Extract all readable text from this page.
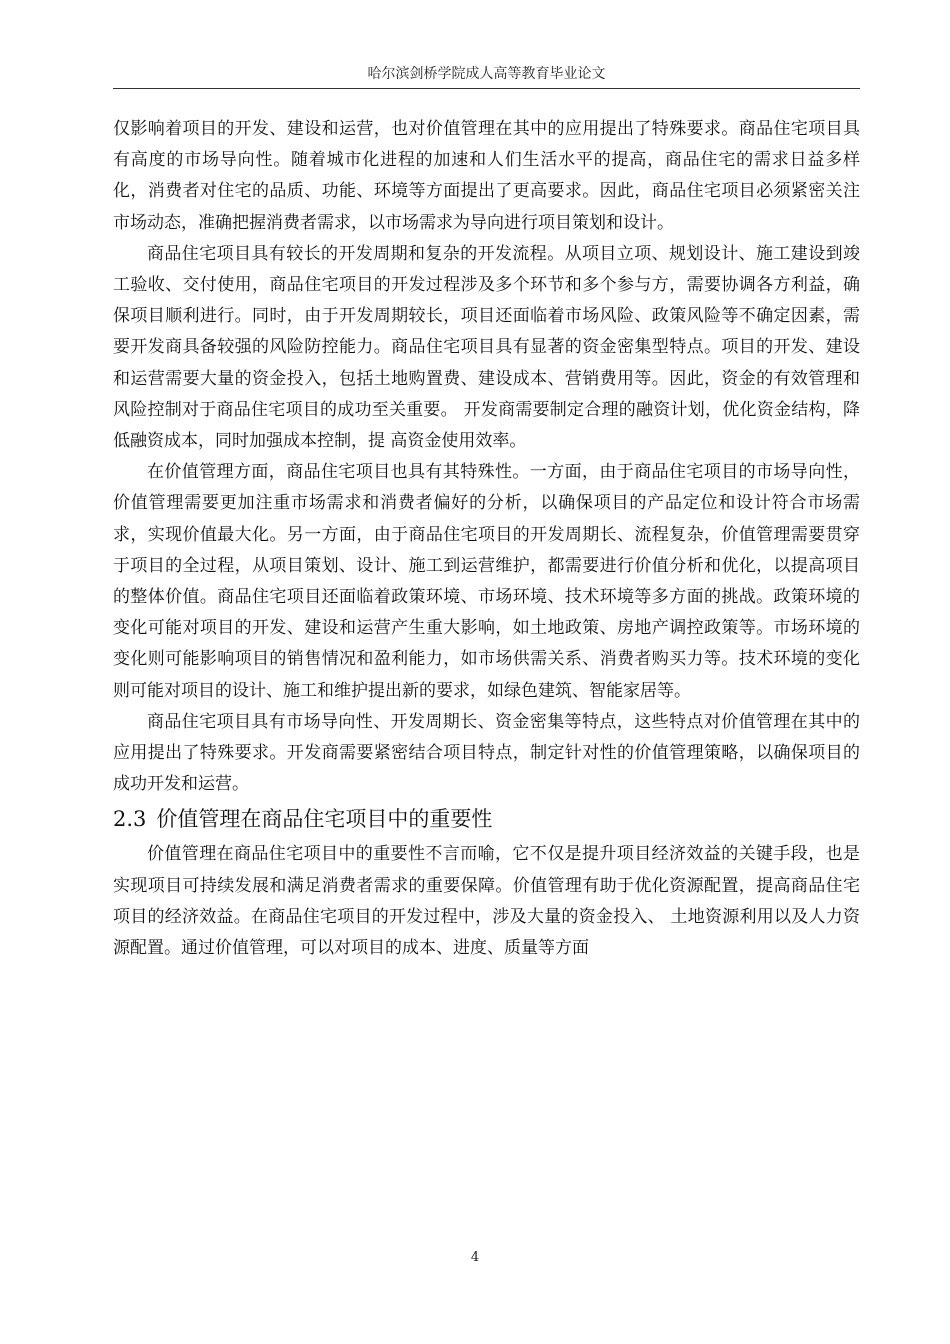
哈尔滨剑桥学院成人高等教育毕业论文

仅影响着项目的开发、建设和运营，也对价值管理在其中的应用提出了特殊要求。商品住宅项目具有高度的市场导向性。随着城市化进程的加速和人们生活水平的提高，商品住宅的需求日益多样化，消费者对住宅的品质、功能、环境等方面提出了更高要求。因此，商品住宅项目必须紧密关注市场动态，准确把握消费者需求，以市场需求为导向进行项目策划和设计。

商品住宅项目具有较长的开发周期和复杂的开发流程。从项目立项、规划设计、施工建设到竣工验收、交付使用，商品住宅项目的开发过程涉及多个环节和多个参与方，需要协调各方利益，确保项目顺利进行。同时，由于开发周期较长，项目还面临着市场风险、政策风险等不确定因素，需要开发商具备较强的风险防控能力。商品住宅项目具有显著的资金密集型特点。项目的开发、建设和运营需要大量的资金投入，包括土地购置费、建设成本、营销费用等。因此，资金的有效管理和风险控制对于商品住宅项目的成功至关重要。 开发商需要制定合理的融资计划，优化资金结构，降低融资成本，同时加强成本控制，提 高资金使用效率。

在价值管理方面，商品住宅项目也具有其特殊性。一方面，由于商品住宅项目的市场导向性，价值管理需要更加注重市场需求和消费者偏好的分析，以确保项目的产品定位和设计符合市场需求，实现价值最大化。另一方面，由于商品住宅项目的开发周期长、流程复杂，价值管理需要贯穿于项目的全过程，从项目策划、设计、施工到运营维护，都需要进行价值分析和优化，以提高项目的整体价值。商品住宅项目还面临着政策环境、市场环境、技术环境等多方面的挑战。政策环境的变化可能对项目的开发、建设和运营产生重大影响，如土地政策、房地产调控政策等。市场环境的变化则可能影响项目的销售情况和盈利能力，如市场供需关系、消费者购买力等。技术环境的变化则可能对项目的设计、施工和维护提出新的要求，如绿色建筑、智能家居等。

商品住宅项目具有市场导向性、开发周期长、资金密集等特点，这些特点对价值管理在其中的应用提出了特殊要求。开发商需要紧密结合项目特点，制定针对性的价值管理策略，以确保项目的成功开发和运营。

2.3 价值管理在商品住宅项目中的重要性

价值管理在商品住宅项目中的重要性不言而喻，它不仅是提升项目经济效益的关键手段，也是实现项目可持续发展和满足消费者需求的重要保障。价值管理有助于优化资源配置，提高商品住宅项目的经济效益。在商品住宅项目的开发过程中，涉及大量的资金投入、 土地资源利用以及人力资源配置。通过价值管理，可以对项目的成本、进度、质量等方面

4
